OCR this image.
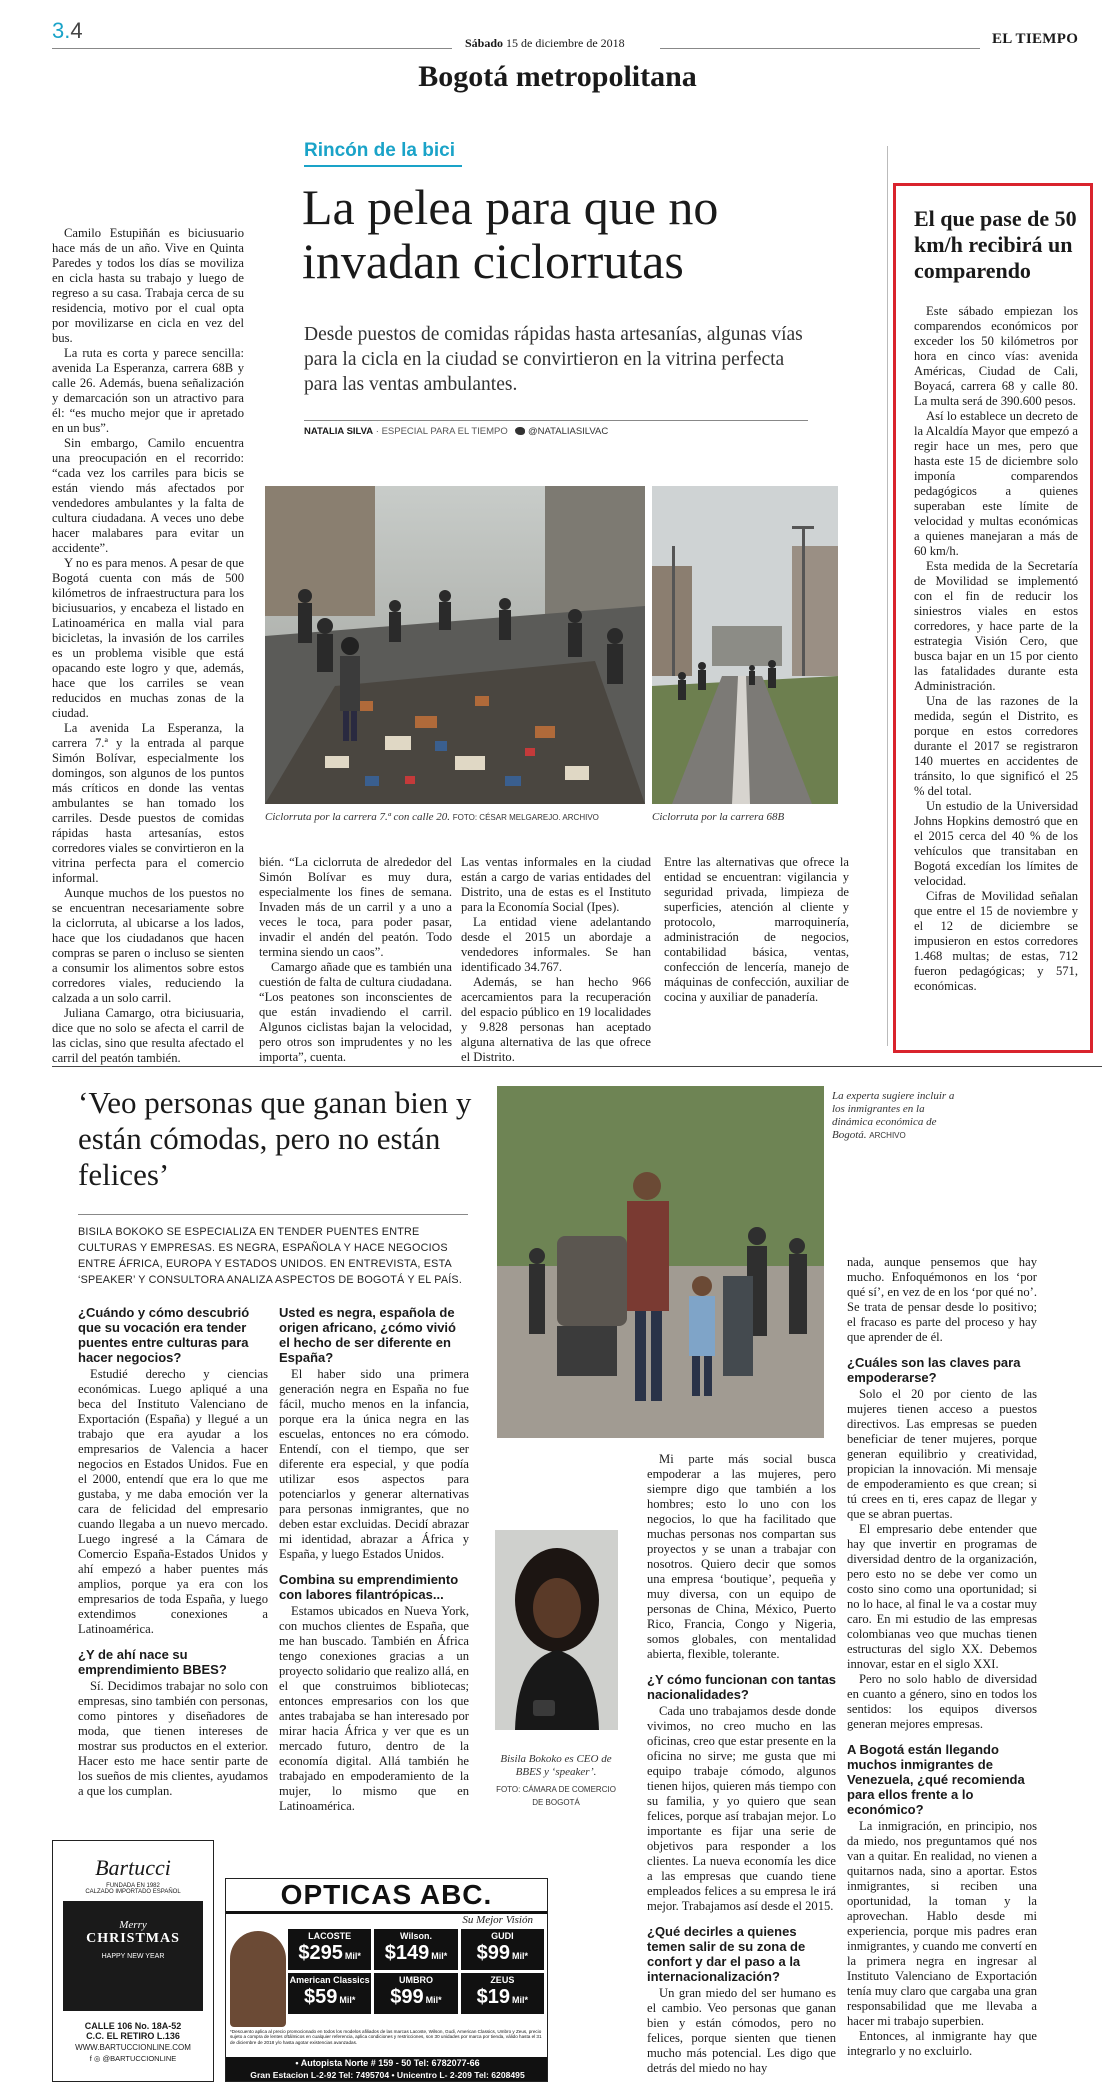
3.4	Sábado 15 de diciembre de 2018	EL TIEMPO
Bogotá metropolitana
Rincón de la bici
La pelea para que no invadan ciclorrutas
Desde puestos de comidas rápidas hasta artesanías, algunas vías para la cicla en la ciudad se convirtieron en la vitrina perfecta para las ventas ambulantes.
NATALIA SILVA · ESPECIAL PARA EL TIEMPO	@NATALIASILVAC

Camilo Estupiñán es biciusuario hace más de un año. Vive en Quinta Paredes y todos los días se moviliza en cicla hasta su trabajo y luego de regreso a su casa. Trabaja cerca de su residencia, motivo por el cual opta por movilizarse en cicla en vez del bus.

La ruta es corta y parece sencilla: avenida La Esperanza, carrera 68B y calle 26. Además, buena señalización y demarcación son un atractivo para él: “es mucho mejor que ir apretado en un bus”.

Sin embargo, Camilo encuentra una preocupación en el recorrido: “cada vez los carriles para bicis se están viendo más afectados por vendedores ambulantes y la falta de cultura ciudadana. A veces uno debe hacer malabares para evitar un accidente”.

Y no es para menos. A pesar de que Bogotá cuenta con más de 500 kilómetros de infraestructura para los biciusuarios, y encabeza el listado en Latinoamérica en malla vial para bicicletas, la invasión de los carriles es un problema visible que está opacando este logro y que, además, hace que los carriles se vean reducidos en muchas zonas de la ciudad.

La avenida La Esperanza, la carrera 7.ª y la entrada al parque Simón Bolívar, especialmente los domingos, son algunos de los puntos más críticos en donde las ventas ambulantes se han tomado los carriles. Desde puestos de comidas rápidas hasta artesanías, estos corredores viales se convirtieron en la vitrina perfecta para el comercio informal.

Aunque muchos de los puestos no se encuentran necesariamente sobre la ciclorruta, al ubicarse a los lados, hace que los ciudadanos que hacen compras se paren o incluso se sienten a consumir los alimentos sobre estos corredores viales, reduciendo la calzada a un solo carril.

Juliana Camargo, otra biciusuaria, dice que no solo se afecta el carril de las ciclas, sino que resulta afectado el carril del peatón también.

Ciclorruta por la carrera 7.ª con calle 20. FOTO: CÉSAR MELGAREJO. ARCHIVO	Ciclorruta por la carrera 68B

bién. “La ciclorruta de alrededor del Simón Bolívar es muy dura, especialmente los fines de semana. Invaden más de un carril y a uno a veces le toca, para poder pasar, invadir el andén del peatón. Todo termina siendo un caos”.

Camargo añade que es también una cuestión de falta de cultura ciudadana. “Los peatones son inconscientes de que están invadiendo el carril. Algunos ciclistas bajan la velocidad, pero otros son imprudentes y no les importa”, cuenta.

Las ventas informales en la ciudad están a cargo de varias entidades del Distrito, una de estas es el Instituto para la Economía Social (Ipes).

La entidad viene adelantando desde el 2015 un abordaje a vendedores informales. Se han identificado 34.767.

Además, se han hecho 966 acercamientos para la recuperación del espacio público en 19 localidades y 9.828 personas han aceptado alguna alternativa de las que ofrece el Distrito.

Entre las alternativas que ofrece la entidad se encuentran: vigilancia y seguridad privada, limpieza de superficies, atención al cliente y protocolo, marroquinería, administración de negocios, contabilidad básica, ventas, confección de lencería, manejo de máquinas de confección, auxiliar de cocina y auxiliar de panadería.

El que pase de 50 km/h recibirá un comparendo

Este sábado empiezan los comparendos económicos por exceder los 50 kilómetros por hora en cinco vías: avenida Américas, Ciudad de Cali, Boyacá, carrera 68 y calle 80. La multa será de 390.600 pesos.

Así lo establece un decreto de la Alcaldía Mayor que empezó a regir hace un mes, pero que hasta este 15 de diciembre solo imponía comparendos pedagógicos a quienes superaban este límite de velocidad y multas económicas a quienes manejaran a más de 60 km/h.

Esta medida de la Secretaría de Movilidad se implementó con el fin de reducir los siniestros viales en estos corredores, y hace parte de la estrategia Visión Cero, que busca bajar en un 15 por ciento las fatalidades durante esta Administración.

Una de las razones de la medida, según el Distrito, es porque en estos corredores durante el 2017 se registraron 140 muertes en accidentes de tránsito, lo que significó el 25 % del total.

Un estudio de la Universidad Johns Hopkins demostró que en el 2015 cerca del 40 % de los vehículos que transitaban en Bogotá excedían los límites de velocidad.

Cifras de Movilidad señalan que entre el 15 de noviembre y el 12 de diciembre se impusieron en estos corredores 1.468 multas; de estas, 712 fueron pedagógicas; y 571, económicas.

‘Veo personas que ganan bien y están cómodas, pero no están felices’
BISILA BOKOKO SE ESPECIALIZA EN TENDER PUENTES ENTRE CULTURAS Y EMPRESAS. ES NEGRA, ESPAÑOLA Y HACE NEGOCIOS ENTRE ÁFRICA, EUROPA Y ESTADOS UNIDOS. EN ENTREVISTA, ESTA ‘SPEAKER’ Y CONSULTORA ANALIZA ASPECTOS DE BOGOTÁ Y EL PAÍS.
La experta sugiere incluir a los inmigrantes en la dinámica económica de Bogotá. ARCHIVO
Bisila Bokoko es CEO de BBES y ‘speaker’.
FOTO: CÁMARA DE COMERCIO DE BOGOTÁ
¿Cuándo y cómo descubrió que su vocación era tender puentes entre culturas para hacer negocios?

Estudié derecho y ciencias económicas. Luego apliqué a una beca del Instituto Valenciano de Exportación (España) y llegué a un trabajo que era ayudar a los empresarios de Valencia a hacer negocios en Estados Unidos. Fue en el 2000, entendí que era lo que me gustaba, y me daba emoción ver la cara de felicidad del empresario cuando llegaba a un nuevo mercado. Luego ingresé a la Cámara de Comercio España-Estados Unidos y ahí empezó a haber puentes más amplios, porque ya era con los empresarios de toda España, y luego extendimos conexiones a Latinoamérica.

¿Y de ahí nace su emprendimiento BBES?

Sí. Decidimos trabajar no solo con empresas, sino también con personas, como pintores y diseñadores de moda, que tienen intereses de mostrar sus productos en el exterior. Hacer esto me hace sentir parte de los sueños de mis clientes, ayudamos a que los cumplan.

Usted es negra, española de origen africano, ¿cómo vivió el hecho de ser diferente en España?

El haber sido una primera generación negra en España no fue fácil, mucho menos en la infancia, porque era la única negra en las escuelas, entonces no era cómodo. Entendí, con el tiempo, que ser diferente era especial, y que podía utilizar esos aspectos para potenciarlos y generar alternativas para personas inmigrantes, que no deben estar excluidas. Decidí abrazar mi identidad, abrazar a África y España, y luego Estados Unidos.

Combina su emprendimiento con labores filantrópicas...

Estamos ubicados en Nueva York, con muchos clientes de España, que me han buscado. También en África tengo conexiones gracias a un proyecto solidario que realizo allá, en el que construimos bibliotecas; entonces empresarios con los que antes trabajaba se han interesado por mirar hacia África y ver que es un mercado futuro, dentro de la economía digital. Allá también he trabajado en empoderamiento de la mujer, lo mismo que en Latinoamérica.

Mi parte más social busca empoderar a las mujeres, pero siempre digo que también a los hombres; esto lo uno con los negocios, lo que ha facilitado que muchas personas nos compartan sus proyectos y se unan a trabajar con nosotros. Quiero decir que somos una empresa ‘boutique’, pequeña y muy diversa, con un equipo de personas de China, México, Puerto Rico, Francia, Congo y Nigeria, somos globales, con mentalidad abierta, flexible, tolerante.

¿Y cómo funcionan con tantas nacionalidades?

Cada uno trabajamos desde donde vivimos, no creo mucho en las oficinas, creo que estar presente en la oficina no sirve; me gusta que mi equipo trabaje cómodo, algunos tienen hijos, quieren más tiempo con su familia, y yo quiero que sean felices, porque así trabajan mejor. Lo importante es fijar una serie de objetivos para responder a los clientes. La nueva economía les dice a las empresas que cuando tiene empleados felices a su empresa le irá mejor. Trabajamos así desde el 2015.

¿Qué decirles a quienes temen salir de su zona de confort y dar el paso a la internacionalización?

Un gran miedo del ser humano es el cambio. Veo personas que ganan bien y están cómodos, pero no felices, porque sienten que tienen mucho más potencial. Les digo que detrás del miedo no hay

nada, aunque pensemos que hay mucho. Enfoquémonos en los ‘por qué sí’, en vez de en los ‘por qué no’. Se trata de pensar desde lo positivo; el fracaso es parte del proceso y hay que aprender de él.

¿Cuáles son las claves para empoderarse?

Solo el 20 por ciento de las mujeres tienen acceso a puestos directivos. Las empresas se pueden beneficiar de tener mujeres, porque generan equilibrio y creatividad, propician la innovación. Mi mensaje de empoderamiento es que crean; si tú crees en ti, eres capaz de llegar y que se abran puertas.

El empresario debe entender que hay que invertir en programas de diversidad dentro de la organización, pero esto no se debe ver como un costo sino como una oportunidad; si no lo hace, al final le va a costar muy caro. En mi estudio de las empresas colombianas veo que muchas tienen estructuras del siglo XX. Debemos innovar, estar en el siglo XXI.

Pero no solo hablo de diversidad en cuanto a género, sino en todos los sentidos: los equipos diversos generan mejores empresas.

A Bogotá están llegando muchos inmigrantes de Venezuela, ¿qué recomienda para ellos frente a lo económico?

La inmigración, en principio, nos da miedo, nos preguntamos qué nos van a quitar. En realidad, no vienen a quitarnos nada, sino a aportar. Estos inmigrantes, si reciben una oportunidad, la toman y la aprovechan. Hablo desde mi experiencia, porque mis padres eran inmigrantes, y cuando me convertí en la primera negra en ingresar al Instituto Valenciano de Exportación tenía muy claro que cargaba una gran responsabilidad que me llevaba a hacer mi trabajo superbien.

Entonces, al inmigrante hay que integrarlo y no excluirlo.

Bartucci
FUNDADA EN 1982
CALZADO IMPORTADO ESPAÑOL
Merry
CHRISTMAS
HAPPY NEW YEAR
CALLE 106 No. 18A-52
C.C. EL RETIRO L.136
WWW.BARTUCCIONLINE.COM
f ◎ @BARTUCCIONLINE
OPTICAS ABC.
Su Mejor Visión
LACOSTE
$295 Mil*
Wilson.
$149 Mil*
GUDI
$99 Mil*
American Classics
$59 Mil*
UMBRO
$99 Mil*
ZEUS
$19 Mil*
*Descuento aplica al precio promocionado en todos los modelos afiliados de las marcas Lacoste, Wilson, Gudi, American Classics, Umbro y Zeus, precio sujeto a compra de lentes oftálmicos en cualquier referencia, aplica condiciones y restricciones, son 30 unidades por marca por tienda, válido hasta el 31 de diciembre de 2018 y/o hasta agotar existencias avanzadas.
• Autopista Norte # 159 - 50 Tel: 6782077-66
Gran Estacion L-2-92 Tel: 7495704 • Unicentro L- 2-209 Tel: 6208495
